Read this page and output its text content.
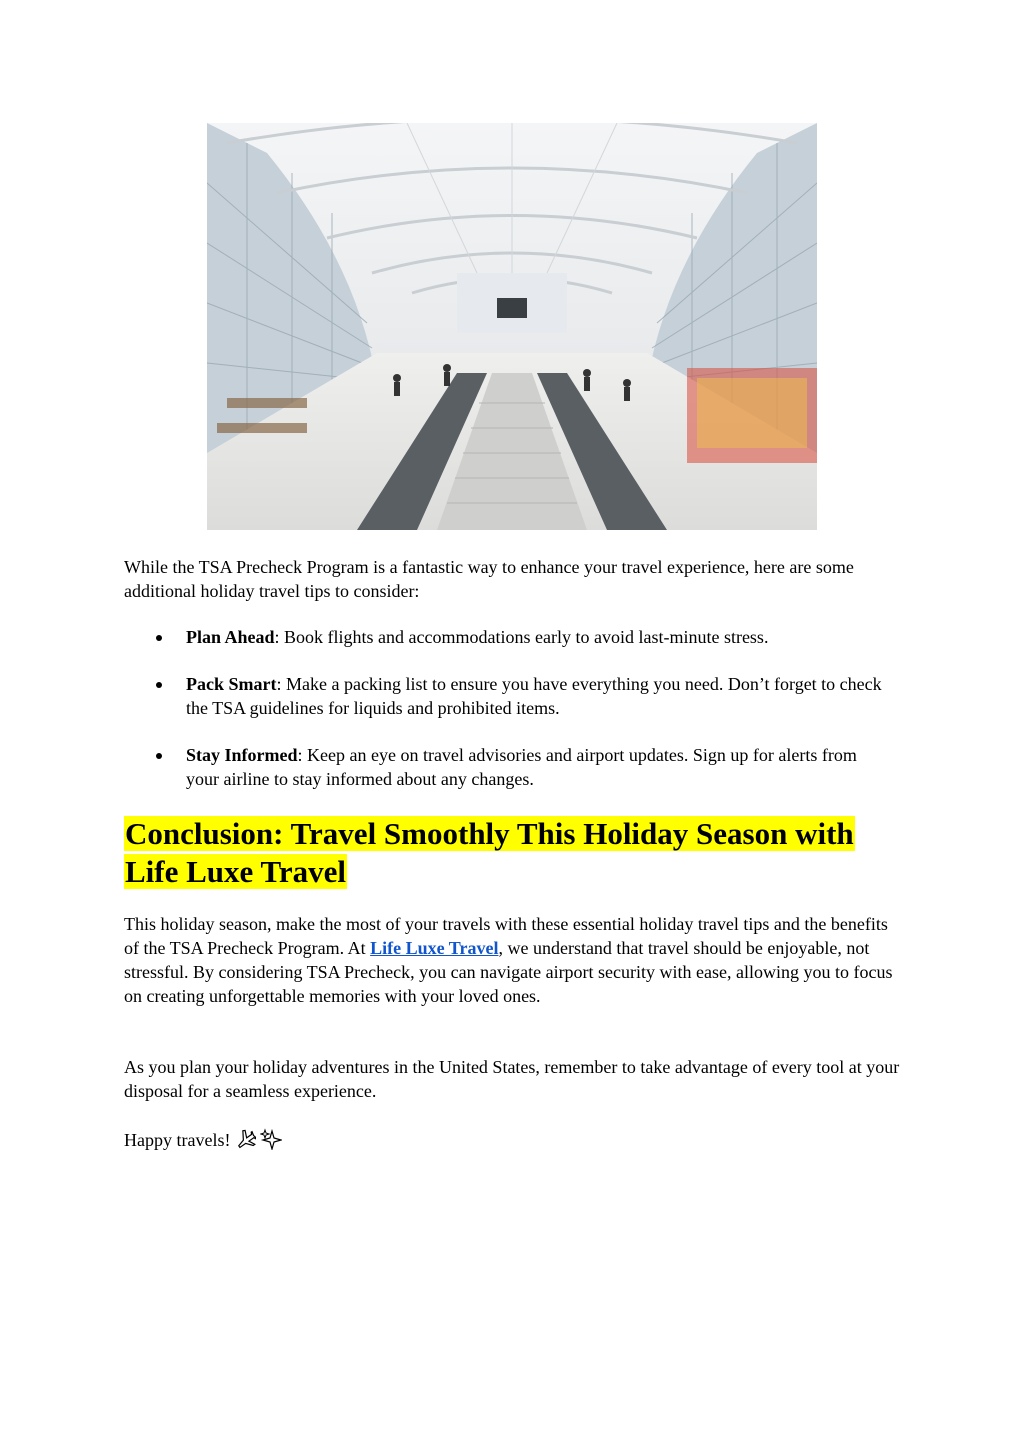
While the TSA Precheck Program is a fantastic way to enhance your travel experience, here are some additional holiday travel tips to consider:

Plan Ahead: Book flights and accommodations early to avoid last-minute stress.
Pack Smart: Make a packing list to ensure you have everything you need. Don’t forget to check the TSA guidelines for liquids and prohibited items.
Stay Informed: Keep an eye on travel advisories and airport updates. Sign up for alerts from your airline to stay informed about any changes.
Conclusion: Travel Smoothly This Holiday Season with Life Luxe Travel

This holiday season, make the most of your travels with these essential holiday travel tips and the benefits of the TSA Precheck Program. At Life Luxe Travel, we understand that travel should be enjoyable, not stressful. By considering TSA Precheck, you can navigate airport security with ease, allowing you to focus on creating unforgettable memories with your loved ones.

As you plan your holiday adventures in the United States, remember to take advantage of every tool at your disposal for a seamless experience.

Happy travels!
